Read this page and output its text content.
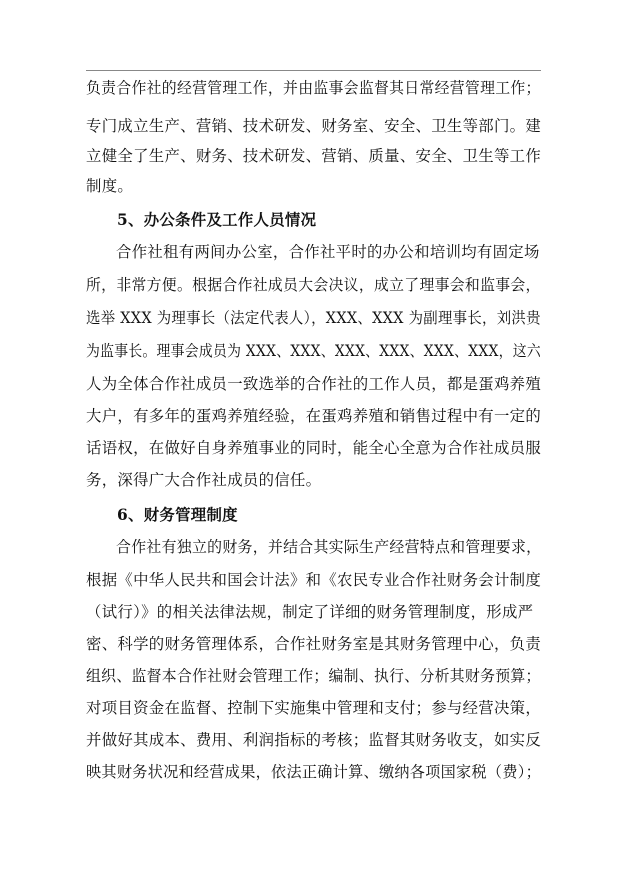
负责合作社的经营管理工作，并由监事会监督其日常经营管理工作；
专门成立生产、营销、技术研发、财务室、安全、卫生等部门。建
立健全了生产、财务、技术研发、营销、质量、安全、卫生等工作
制度。
5、办公条件及工作人员情况
合作社租有两间办公室，合作社平时的办公和培训均有固定场
所，非常方便。根据合作社成员大会决议，成立了理事会和监事会，
选举 XXX 为理事长（法定代表人），XXX、XXX 为副理事长，刘洪贵
为监事长。理事会成员为 XXX、XXX、XXX、XXX、XXX、XXX，这六
人为全体合作社成员一致选举的合作社的工作人员，都是蛋鸡养殖
大户，有多年的蛋鸡养殖经验，在蛋鸡养殖和销售过程中有一定的
话语权，在做好自身养殖事业的同时，能全心全意为合作社成员服
务，深得广大合作社成员的信任。
6、财务管理制度
合作社有独立的财务，并结合其实际生产经营特点和管理要求，
根据《中华人民共和国会计法》和《农民专业合作社财务会计制度
（试行）》的相关法律法规，制定了详细的财务管理制度，形成严
密、科学的财务管理体系，合作社财务室是其财务管理中心，负责
组织、监督本合作社财会管理工作；编制、执行、分析其财务预算；
对项目资金在监督、控制下实施集中管理和支付；参与经营决策，
并做好其成本、费用、利润指标的考核；监督其财务收支，如实反
映其财务状况和经营成果，依法正确计算、缴纳各项国家税（费）；
